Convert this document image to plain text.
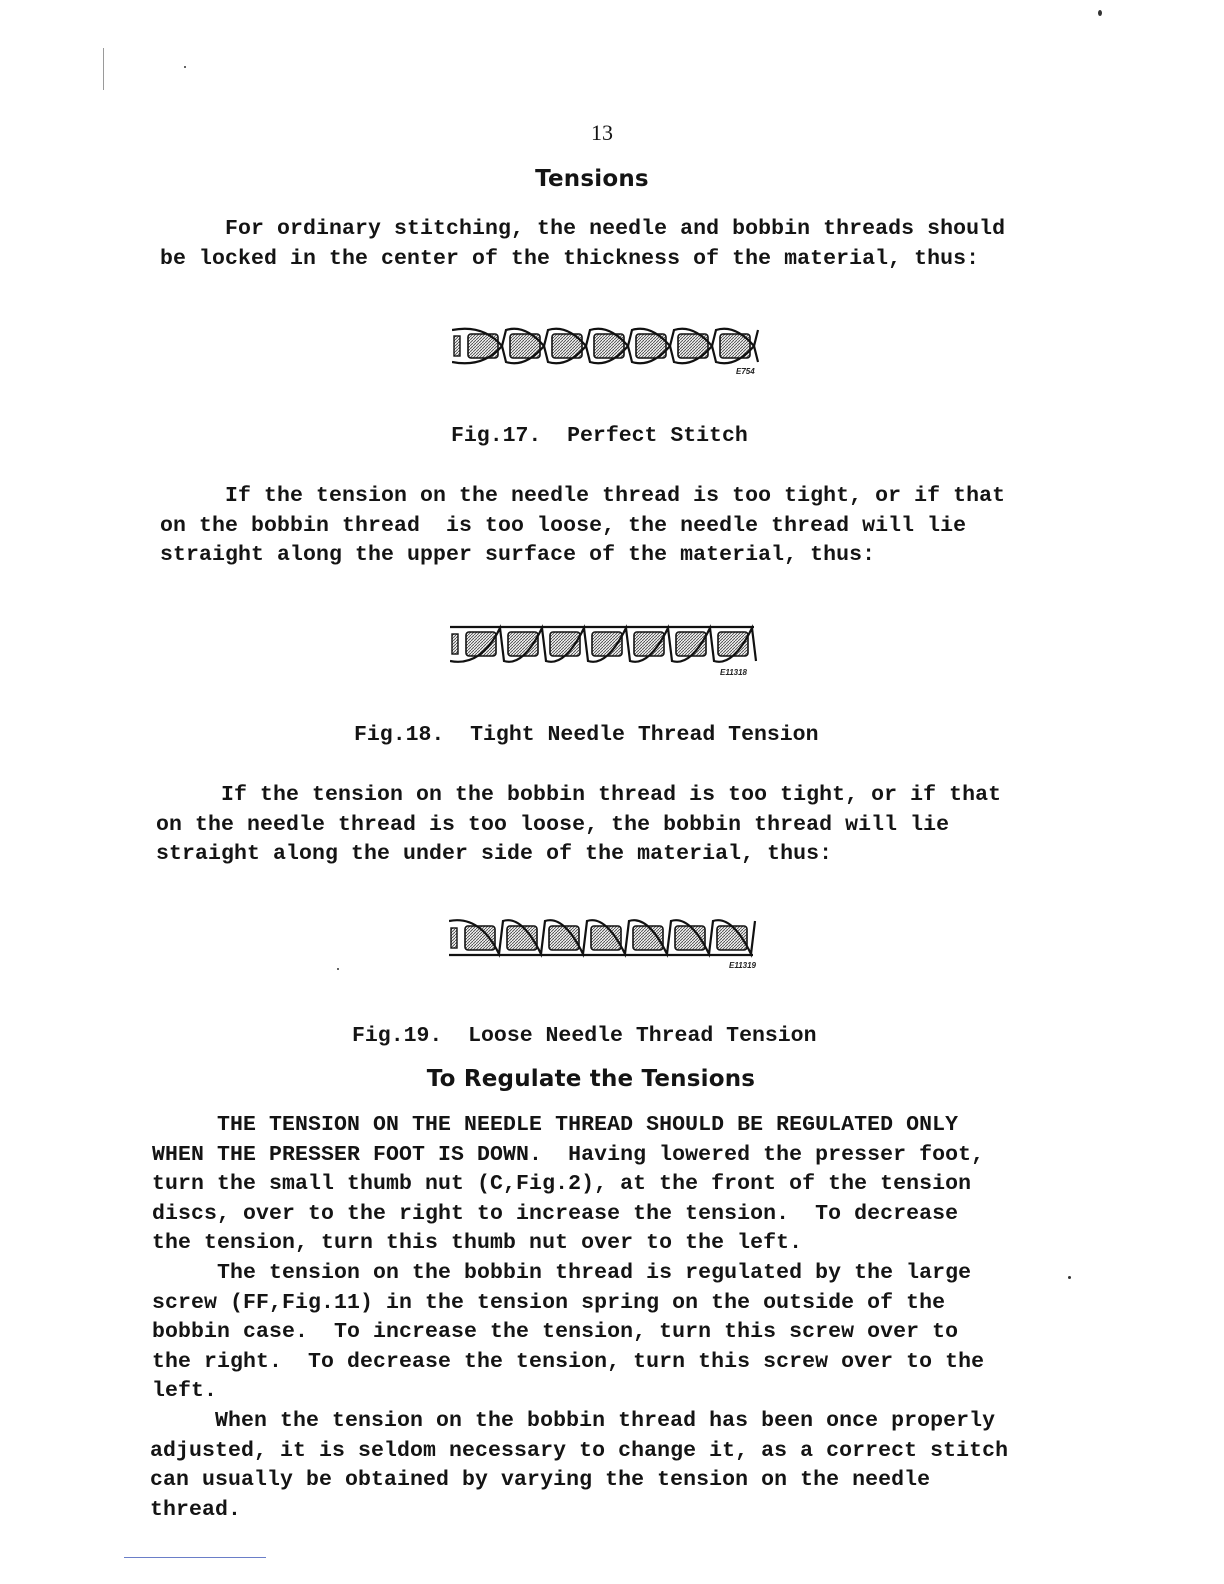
13
Tensions
For ordinary stitching, the needle and bobbin threads should
be locked in the center of the thickness of the material, thus:
E754
Fig.17.  Perfect Stitch
If the tension on the needle thread is too tight, or if that
on the bobbin thread  is too loose, the needle thread will lie
straight along the upper surface of the material, thus:
E11318
Fig.18.  Tight Needle Thread Tension
If the tension on the bobbin thread is too tight, or if that
on the needle thread is too loose, the bobbin thread will lie
straight along the under side of the material, thus:
E11319
Fig.19.  Loose Needle Thread Tension
To Regulate the Tensions
THE TENSION ON THE NEEDLE THREAD SHOULD BE REGULATED ONLY
WHEN THE PRESSER FOOT IS DOWN.  Having lowered the presser foot,
turn the small thumb nut (C,Fig.2), at the front of the tension
discs, over to the right to increase the tension.  To decrease
the tension, turn this thumb nut over to the left.
The tension on the bobbin thread is regulated by the large
screw (FF,Fig.11) in the tension spring on the outside of the
bobbin case.  To increase the tension, turn this screw over to
the right.  To decrease the tension, turn this screw over to the
left.
When the tension on the bobbin thread has been once properly
adjusted, it is seldom necessary to change it, as a correct stitch
can usually be obtained by varying the tension on the needle
thread.
